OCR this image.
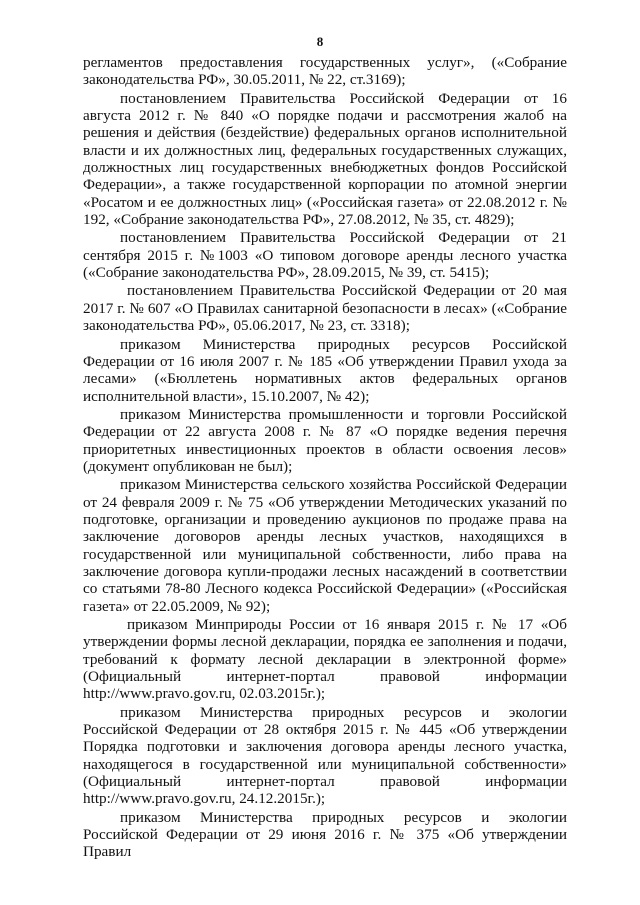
8

регламентов предоставления государственных услуг», («Собрание законодательства РФ», 30.05.2011, № 22, ст.3169);

постановлением Правительства Российской Федерации от 16 августа 2012 г. № 840 «О порядке подачи и рассмотрения жалоб на решения и действия (бездействие) федеральных органов исполнительной власти и их должностных лиц, федеральных государственных служащих, должностных лиц государственных внебюджетных фондов Российской Федерации», а также государственной корпорации по атомной энергии «Росатом и ее должностных лиц» («Российская газета» от 22.08.2012 г. № 192, «Собрание законодательства РФ», 27.08.2012, № 35, ст. 4829);

постановлением Правительства Российской Федерации от 21 сентября 2015 г. №1003 «О типовом договоре аренды лесного участка («Собрание законодательства РФ», 28.09.2015, № 39, ст. 5415);

постановлением Правительства Российской Федерации от 20 мая 2017 г. № 607 «О Правилах санитарной безопасности в лесах» («Собрание законодательства РФ», 05.06.2017, № 23, ст. 3318);

приказом Министерства природных ресурсов Российской Федерации от 16 июля 2007 г. № 185 «Об утверждении Правил ухода за лесами» («Бюллетень нормативных актов федеральных органов исполнительной власти», 15.10.2007, № 42);

приказом Министерства промышленности и торговли Российской Федерации от 22 августа 2008 г. № 87 «О порядке ведения перечня приоритетных инвестиционных проектов в области освоения лесов» (документ опубликован не был);

приказом Министерства сельского хозяйства Российской Федерации от 24 февраля 2009 г. № 75 «Об утверждении Методических указаний по подготовке, организации и проведению аукционов по продаже права на заключение договоров аренды лесных участков, находящихся в государственной или муниципальной собственности, либо права на заключение договора купли-продажи лесных насаждений в соответствии со статьями 78-80 Лесного кодекса Российской Федерации» («Российская газета» от 22.05.2009, № 92);

приказом Минприроды России от 16 января 2015 г. № 17 «Об утверждении формы лесной декларации, порядка ее заполнения и подачи, требований к формату лесной декларации в электронной форме» (Официальный интернет-портал правовой информации http://www.pravo.gov.ru, 02.03.2015г.);

приказом Министерства природных ресурсов и экологии Российской Федерации от 28 октября 2015 г. № 445 «Об утверждении Порядка подготовки и заключения договора аренды лесного участка, находящегося в государственной или муниципальной собственности» (Официальный интернет-портал правовой информации http://www.pravo.gov.ru, 24.12.2015г.);

приказом Министерства природных ресурсов и экологии Российской Федерации от 29 июня 2016 г. № 375 «Об утверждении Правил
